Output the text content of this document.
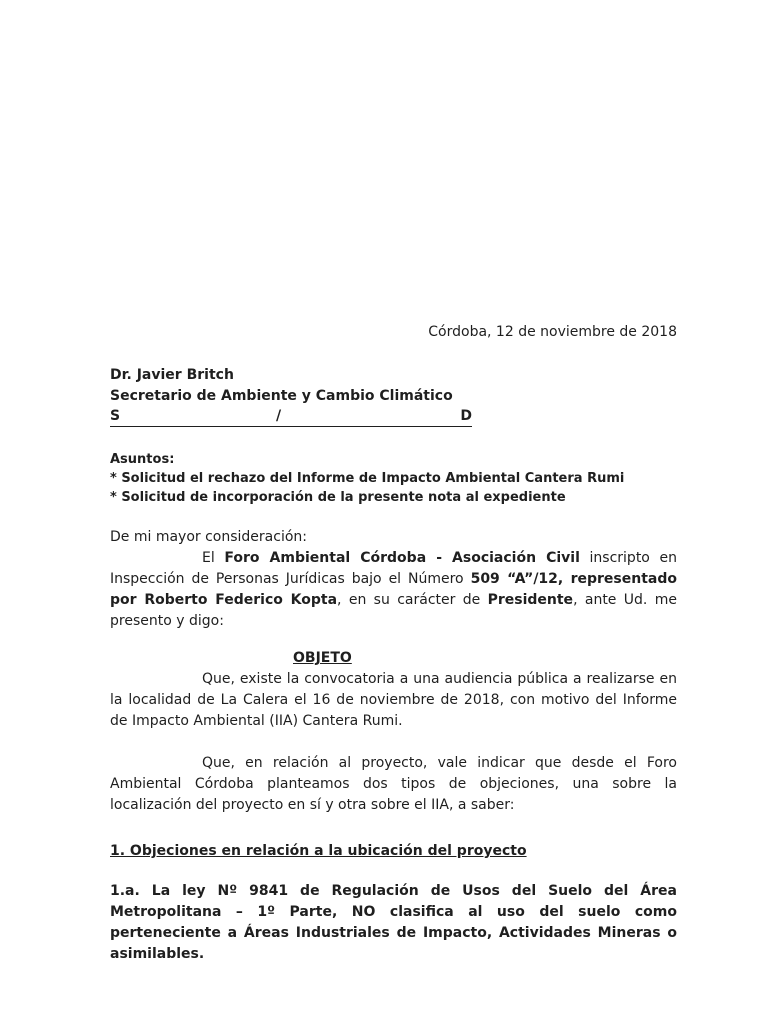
Córdoba, 12 de noviembre de 2018
Dr. Javier Britch
Secretario de Ambiente y Cambio Climático
S	/	D
Asuntos:
* Solicitud el rechazo del Informe de Impacto Ambiental Cantera Rumi
* Solicitud de incorporación de la presente nota al expediente
De mi mayor consideración:
El Foro Ambiental Córdoba - Asociación Civil inscripto en Inspección de Personas Jurídicas bajo el Número 509 “A”/12, representado por Roberto Federico Kopta, en su carácter de Presidente, ante Ud. me presento y digo:
OBJETO
Que, existe la convocatoria a una audiencia pública a realizarse en la localidad de La Calera el 16 de noviembre de 2018, con motivo del Informe de Impacto Ambiental (IIA) Cantera Rumi.
Que, en relación al proyecto, vale indicar que desde el Foro Ambiental Córdoba planteamos dos tipos de objeciones, una sobre la localización del proyecto en sí y otra sobre el IIA, a saber:
1. Objeciones en relación a la ubicación del proyecto
1.a. La ley Nº 9841 de Regulación de Usos del Suelo del Área Metropolitana – 1º Parte, NO clasifica al uso del suelo como perteneciente a Áreas Industriales de Impacto, Actividades Mineras o asimilables.
